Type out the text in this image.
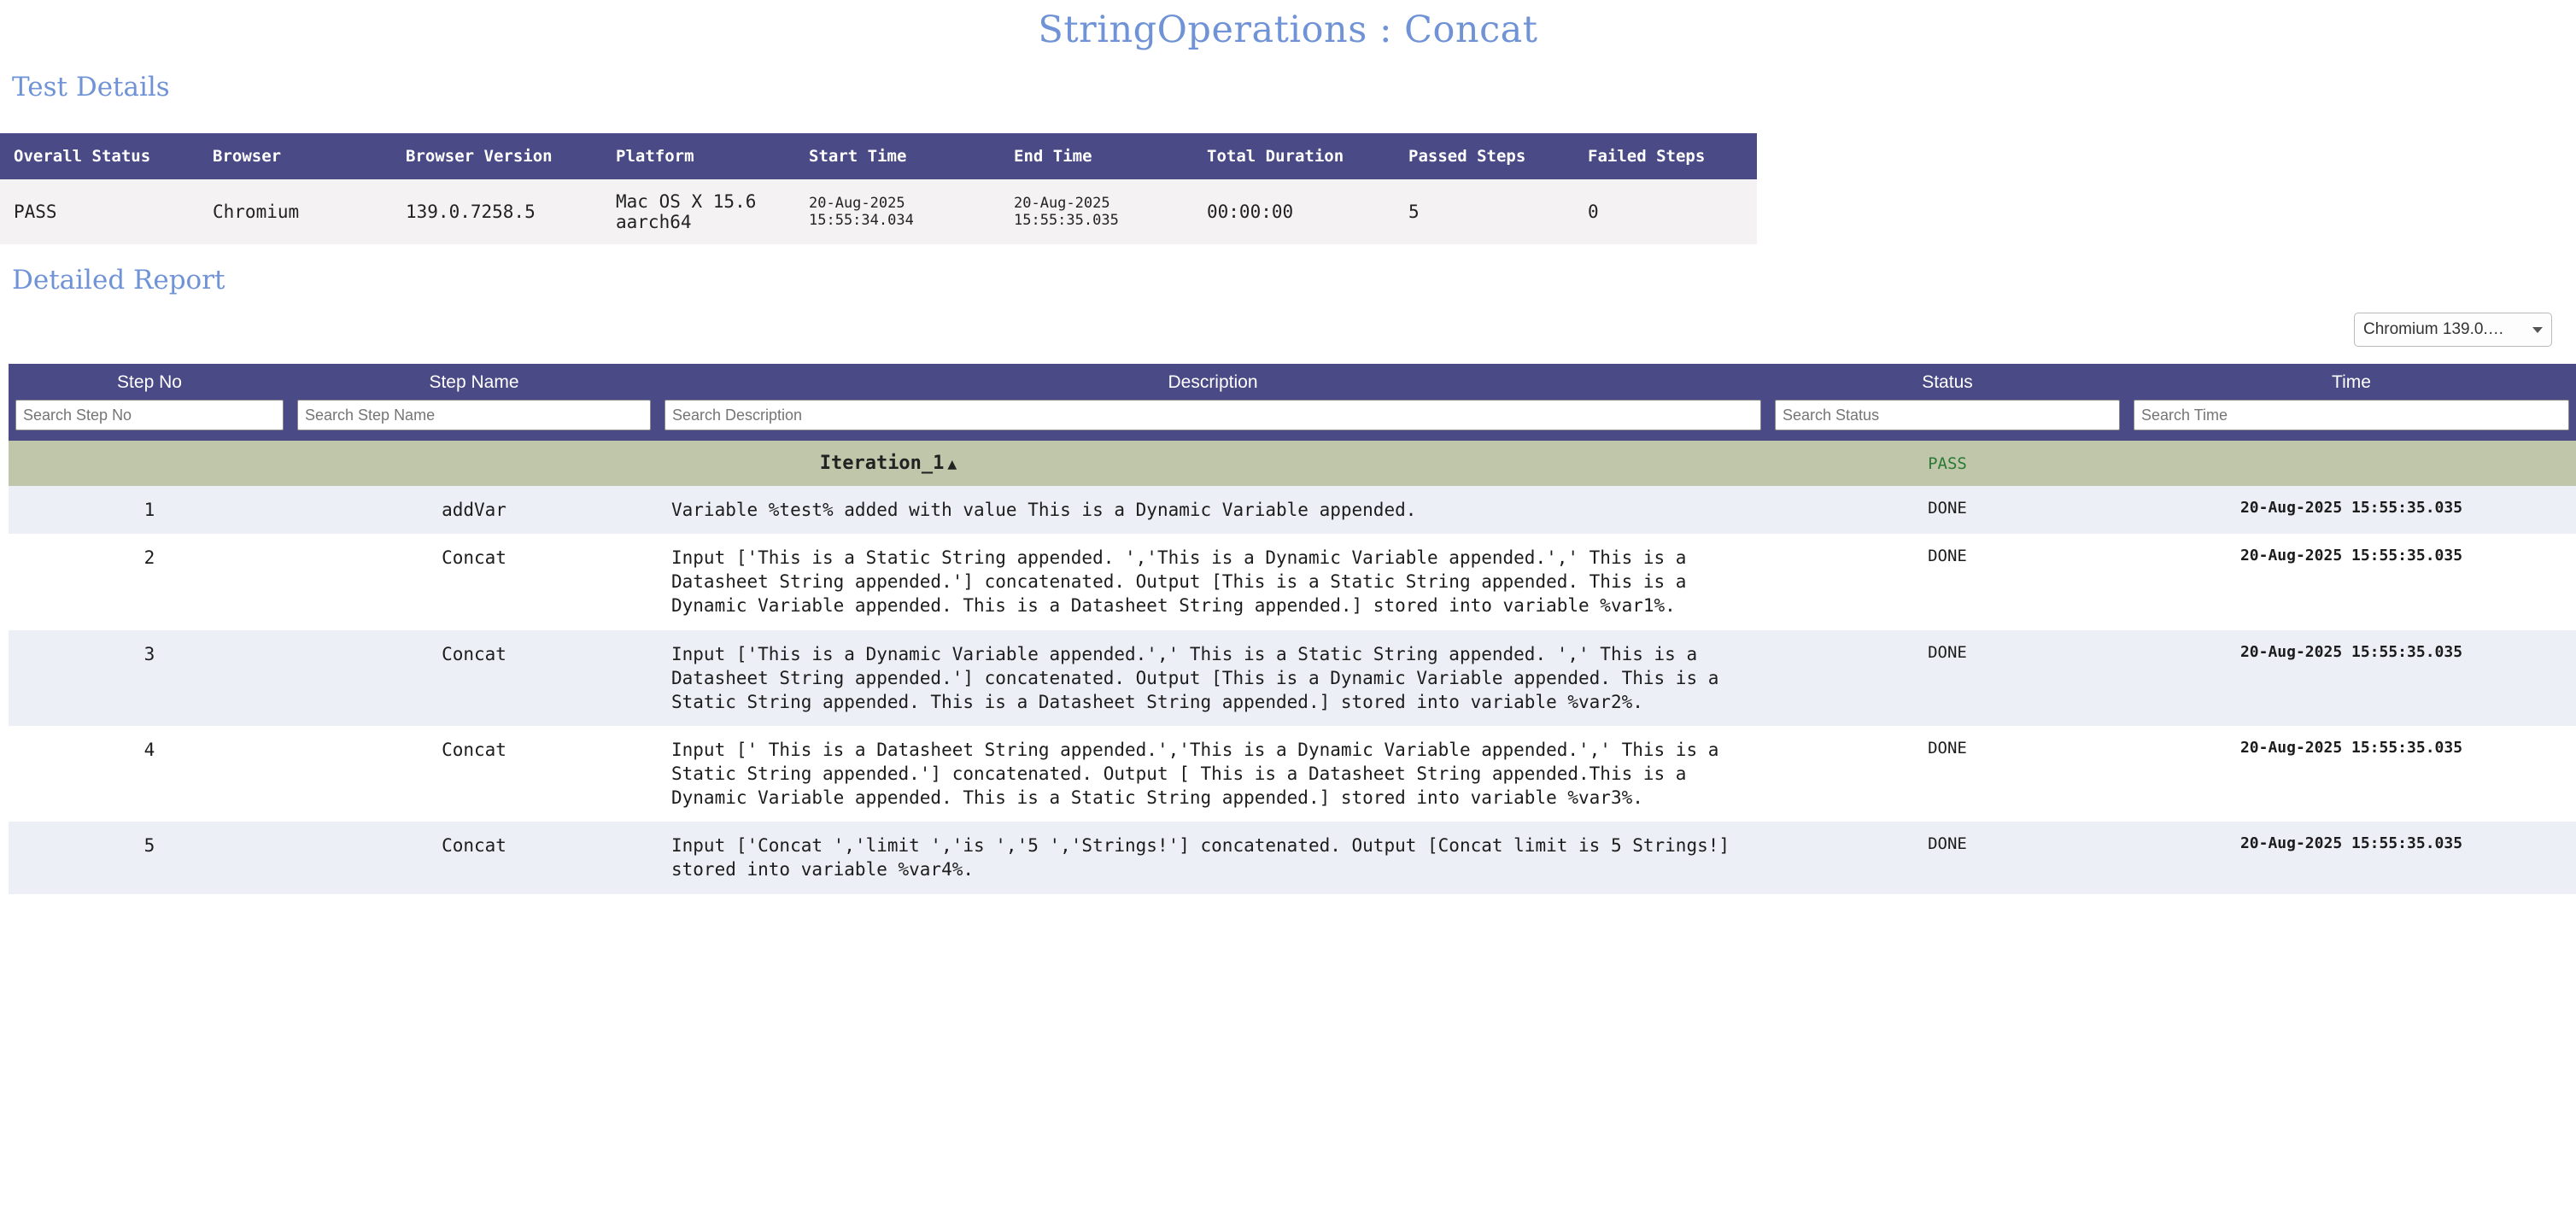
StringOperations : Concat
Test Details
Overall Status	Browser	Browser Version	Platform	Start Time	End Time	Total Duration	Passed Steps	Failed Steps
PASS	Chromium	139.0.7258.5	Mac OS X 15.6 aarch64	20-Aug-2025 15:55:34.034	20-Aug-2025 15:55:35.035	00:00:00	5	0
Detailed Report
Chromium 139.0.…
Step No	Step Name	Description	Status	Time
Search Step No	Search Step Name	Search Description	Search Status	Search Time
Iteration_1 ▲			PASS	
1	addVar	Variable %test% added with value This is a Dynamic Variable appended.	DONE	20-Aug-2025 15:55:35.035
2	Concat	Input ['This is a Static String appended. ','This is a Dynamic Variable appended.',' This is a Datasheet String appended.'] concatenated. Output [This is a Static String appended. This is a Dynamic Variable appended. This is a Datasheet String appended.] stored into variable %var1%.	DONE	20-Aug-2025 15:55:35.035
3	Concat	Input ['This is a Dynamic Variable appended.',' This is a Static String appended. ',' This is a Datasheet String appended.'] concatenated. Output [This is a Dynamic Variable appended. This is a Static String appended. This is a Datasheet String appended.] stored into variable %var2%.	DONE	20-Aug-2025 15:55:35.035
4	Concat	Input [' This is a Datasheet String appended.','This is a Dynamic Variable appended.',' This is a Static String appended.'] concatenated. Output [ This is a Datasheet String appended.This is a Dynamic Variable appended. This is a Static String appended.] stored into variable %var3%.	DONE	20-Aug-2025 15:55:35.035
5	Concat	Input ['Concat ','limit ','is ','5 ','Strings!'] concatenated. Output [Concat limit is 5 Strings!] stored into variable %var4%.	DONE	20-Aug-2025 15:55:35.035
